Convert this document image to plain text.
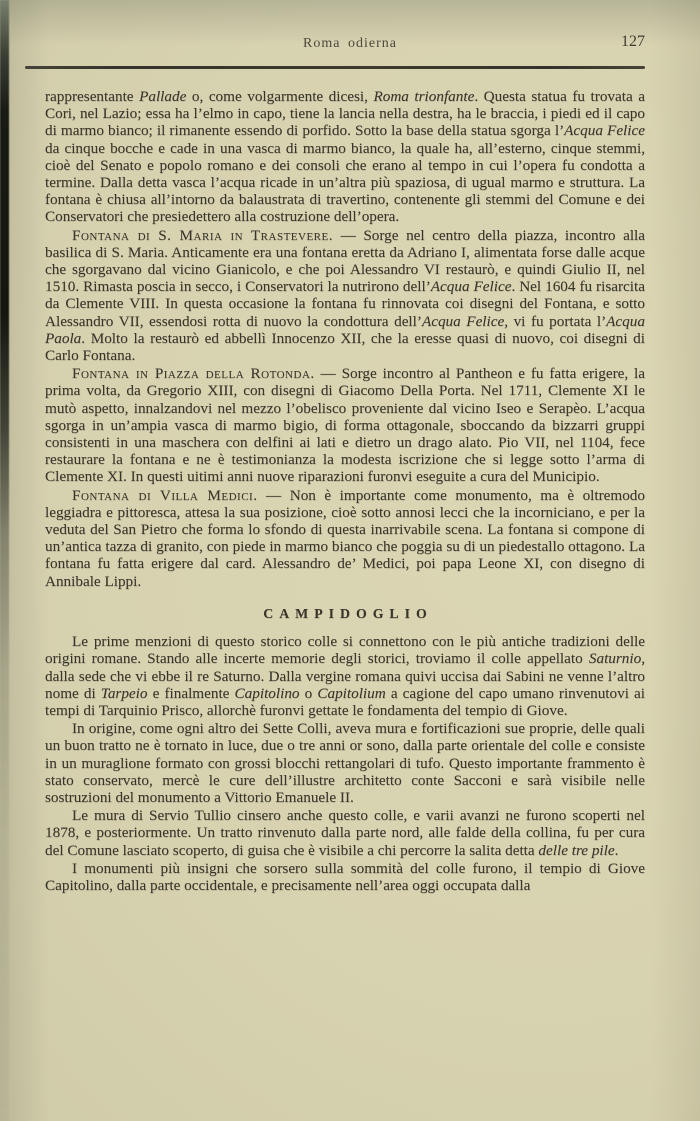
Roma odierna	127

rappresentante Pallade o, come volgarmente dicesi, Roma trionfante. Questa statua fu trovata a Cori, nel Lazio; essa ha l’elmo in capo, tiene la lancia nella destra, ha le braccia, i piedi ed il capo di marmo bianco; il rimanente essendo di porfido. Sotto la base della statua sgorga l’Acqua Felice da cinque bocche e cade in una vasca di marmo bianco, la quale ha, all’esterno, cinque stemmi, cioè del Senato e popolo romano e dei consoli che erano al tempo in cui l’opera fu condotta a termine. Dalla detta vasca l’acqua ricade in un’altra più spaziosa, di ugual marmo e struttura. La fontana è chiusa all’intorno da balaustrata di travertino, contenente gli stemmi del Comune e dei Conservatori che presiedettero alla costruzione dell’opera.

Fontana di S. Maria in Trastevere. — Sorge nel centro della piazza, incontro alla basilica di S. Maria. Anticamente era una fontana eretta da Adriano I, alimentata forse dalle acque che sgorgavano dal vicino Gianicolo, e che poi Alessandro VI restaurò, e quindi Giulio II, nel 1510. Rimasta poscia in secco, i Conservatori la nutrirono dell’Acqua Felice. Nel 1604 fu risarcita da Clemente VIII. In questa occasione la fontana fu rinnovata coi disegni del Fontana, e sotto Alessandro VII, essendosi rotta di nuovo la condottura dell’Acqua Felice, vi fu portata l’Acqua Paola. Molto la restaurò ed abbellì Innocenzo XII, che la eresse quasi di nuovo, coi disegni di Carlo Fontana.

Fontana in Piazza della Rotonda. — Sorge incontro al Pantheon e fu fatta erigere, la prima volta, da Gregorio XIII, con disegni di Giacomo Della Porta. Nel 1711, Clemente XI le mutò aspetto, innalzandovi nel mezzo l’obelisco proveniente dal vicino Iseo e Serapèo. L’acqua sgorga in un’ampia vasca di marmo bigio, di forma ottagonale, sboccando da bizzarri gruppi consistenti in una maschera con delfini ai lati e dietro un drago alato. Pio VII, nel 1104, fece restaurare la fontana e ne è testimonianza la modesta iscrizione che si legge sotto l’arma di Clemente XI. In questi uitimi anni nuove riparazioni furonvi eseguite a cura del Municipio.

Fontana di Villa Medici. — Non è importante come monumento, ma è oltremodo leggiadra e pittoresca, attesa la sua posizione, cioè sotto annosi lecci che la incorniciano, e per la veduta del San Pietro che forma lo sfondo di questa inarrivabile scena. La fontana si compone di un’antica tazza di granito, con piede in marmo bianco che poggia su di un piedestallo ottagono. La fontana fu fatta erigere dal card. Alessandro de’ Medici, poi papa Leone XI, con disegno di Annibale Lippi.

CAMPIDOGLIO

Le prime menzioni di questo storico colle si connettono con le più antiche tradizioni delle origini romane. Stando alle incerte memorie degli storici, troviamo il colle appellato Saturnio, dalla sede che vi ebbe il re Saturno. Dalla vergine romana quivi uccisa dai Sabini ne venne l’altro nome di Tarpeio e finalmente Capitolino o Capitolium a cagione del capo umano rinvenutovi ai tempi di Tarquinio Prisco, allorchè furonvi gettate le fondamenta del tempio di Giove.

In origine, come ogni altro dei Sette Colli, aveva mura e fortificazioni sue proprie, delle quali un buon tratto ne è tornato in luce, due o tre anni or sono, dalla parte orientale del colle e consiste in un muraglione formato con grossi blocchi rettangolari di tufo. Questo importante frammento è stato conservato, mercè le cure dell’illustre architetto conte Sacconi e sarà visibile nelle sostruzioni del monumento a Vittorio Emanuele II.

Le mura di Servio Tullio cinsero anche questo colle, e varii avanzi ne furono scoperti nel 1878, e posteriormente. Un tratto rinvenuto dalla parte nord, alle falde della collina, fu per cura del Comune lasciato scoperto, di guisa che è visibile a chi percorre la salita detta delle tre pile.

I monumenti più insigni che sorsero sulla sommità del colle furono, il tempio di Giove Capitolino, dalla parte occidentale, e precisamente nell’area oggi occupata dalla
